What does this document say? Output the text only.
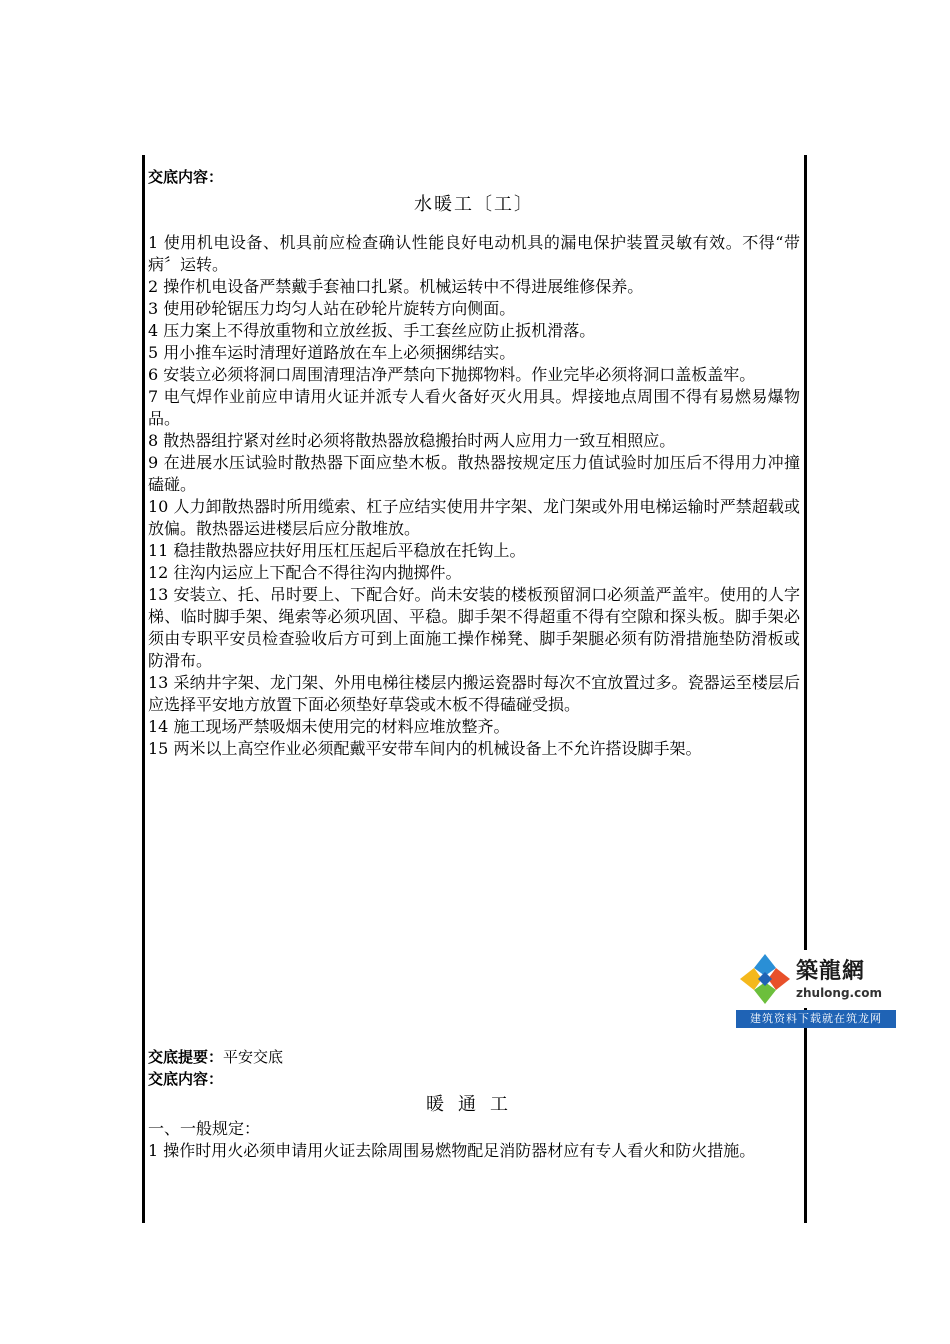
交底内容：
水暖工〔工〕

1 使用机电设备、机具前应检查确认性能良好电动机具的漏电保护装置灵敏有效。不得“带病〞运转。

2 操作机电设备严禁戴手套袖口扎紧。机械运转中不得进展维修保养。

3 使用砂轮锯压力均匀人站在砂轮片旋转方向侧面。

4 压力案上不得放重物和立放丝扳、手工套丝应防止扳机滑落。

5 用小推车运时清理好道路放在车上必须捆绑结实。

6 安装立必须将洞口周围清理洁净严禁向下抛掷物料。作业完毕必须将洞口盖板盖牢。

7 电气焊作业前应申请用火证并派专人看火备好灭火用具。焊接地点周围不得有易燃易爆物品。

8 散热器组拧紧对丝时必须将散热器放稳搬抬时两人应用力一致互相照应。

9 在进展水压试验时散热器下面应垫木板。散热器按规定压力值试验时加压后不得用力冲撞磕碰。

10 人力卸散热器时所用缆索、杠子应结实使用井字架、龙门架或外用电梯运输时严禁超载或放偏。散热器运进楼层后应分散堆放。

11 稳挂散热器应扶好用压杠压起后平稳放在托钩上。

12 往沟内运应上下配合不得往沟内抛掷件。

13 安装立、托、吊时要上、下配合好。尚未安装的楼板预留洞口必须盖严盖牢。使用的人字梯、临时脚手架、绳索等必须巩固、平稳。脚手架不得超重不得有空隙和探头板。脚手架必须由专职平安员检查验收后方可到上面施工操作梯凳、脚手架腿必须有防滑措施垫防滑板或防滑布。

13 采纳井字架、龙门架、外用电梯往楼层内搬运瓷器时每次不宜放置过多。瓷器运至楼层后应选择平安地方放置下面必须垫好草袋或木板不得磕碰受损。

14 施工现场严禁吸烟未使用完的材料应堆放整齐。

15 两米以上高空作业必须配戴平安带车间内的机械设备上不允许搭设脚手架。

築龍網
zhulong.com
建筑资料下载就在筑龙网
交底提要：平安交底
交底内容：
暖通工

一、一般规定：

1 操作时用火必须申请用火证去除周围易燃物配足消防器材应有专人看火和防火措施。
